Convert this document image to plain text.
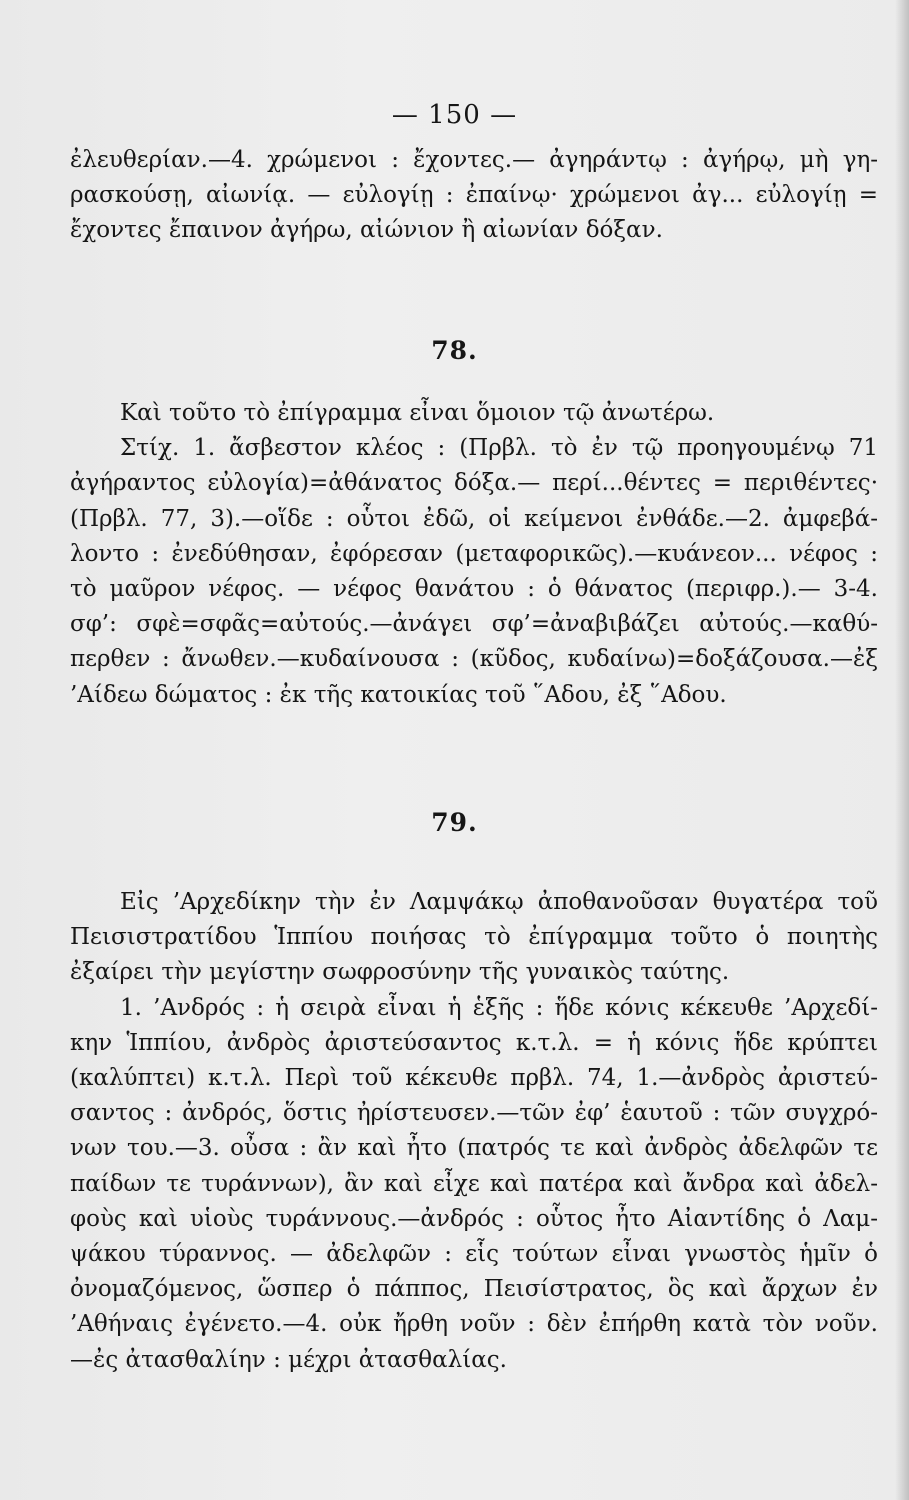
— 150 —
ἐλευθερίαν.—4. χρώμενοι : ἔχοντες.— ἀγηράντῳ : ἀγήρῳ, μὴ γη-
ρασκούσῃ, αἰωνίᾳ. — εὐλογίῃ : ἐπαίνῳ· χρώμενοι ἀγ... εὐλογίῃ =
ἔχοντες ἔπαινον ἀγήρω, αἰώνιον ἢ αἰωνίαν δόξαν.
78.
Καὶ τοῦτο τὸ ἐπίγραμμα εἶναι ὅμοιον τῷ ἀνωτέρω.
Στίχ. 1. ἄσβεστον κλέος : (Πρβλ. τὸ ἐν τῷ προηγουμένῳ 71
ἀγήραντος εὐλογία)=ἀθάνατος δόξα.— περί...θέντες = περιθέντες·
(Πρβλ. 77, 3).—οἵδε : οὗτοι ἐδῶ, οἱ κείμενοι ἐνθάδε.—2. ἀμφεβά-
λοντο : ἐνεδύθησαν, ἐφόρεσαν (μεταφορικῶς).—κυάνεον... νέφος :
τὸ μαῦρον νέφος. — νέφος θανάτου : ὁ θάνατος (περιφρ.).— 3-4.
σφ’: σφὲ=σφᾶς=αὐτούς.—ἀνάγει σφ’=ἀναβιβάζει αὐτούς.—καθύ-
περθεν : ἄνωθεν.—κυδαίνουσα : (κῦδος, κυδαίνω)=δοξάζουσα.—ἐξ
’Αίδεω δώματος : ἐκ τῆς κατοικίας τοῦ ῞Αδου, ἐξ ῞Αδου.
79.
Εἰς ’Αρχεδίκην τὴν ἐν Λαμψάκῳ ἀποθανοῦσαν θυγατέρα τοῦ
Πεισιστρατίδου Ἱππίου ποιήσας τὸ ἐπίγραμμα τοῦτο ὁ ποιητὴς
ἐξαίρει τὴν μεγίστην σωφροσύνην τῆς γυναικὸς ταύτης.
1. ’Ανδρός : ἡ σειρὰ εἶναι ἡ ἑξῆς : ἥδε κόνις κέκευθε ’Αρχεδί-
κην Ἱππίου, ἀνδρὸς ἀριστεύσαντος κ.τ.λ. = ἡ κόνις ἥδε κρύπτει
(καλύπτει) κ.τ.λ. Περὶ τοῦ κέκευθε πρβλ. 74, 1.—ἀνδρὸς ἀριστεύ-
σαντος : ἀνδρός, ὅστις ἠρίστευσεν.—τῶν ἐφ’ ἑαυτοῦ : τῶν συγχρό-
νων του.—3. οὖσα : ἂν καὶ ἦτο (πατρός τε καὶ ἀνδρὸς ἀδελφῶν τε
παίδων τε τυράννων), ἂν καὶ εἶχε καὶ πατέρα καὶ ἄνδρα καὶ ἀδελ-
φοὺς καὶ υἱοὺς τυράννους.—ἀνδρός : οὗτος ἦτο Αἰαντίδης ὁ Λαμ-
ψάκου τύραννος. — ἀδελφῶν : εἷς τούτων εἶναι γνωστὸς ἡμῖν ὁ
ὀνομαζόμενος, ὥσπερ ὁ πάππος, Πεισίστρατος, ὃς καὶ ἄρχων ἐν
’Αθήναις ἐγένετο.—4. οὐκ ἤρθη νοῦν : δὲν ἐπήρθη κατὰ τὸν νοῦν.
—ἐς ἀτασθαλίην : μέχρι ἀτασθαλίας.
